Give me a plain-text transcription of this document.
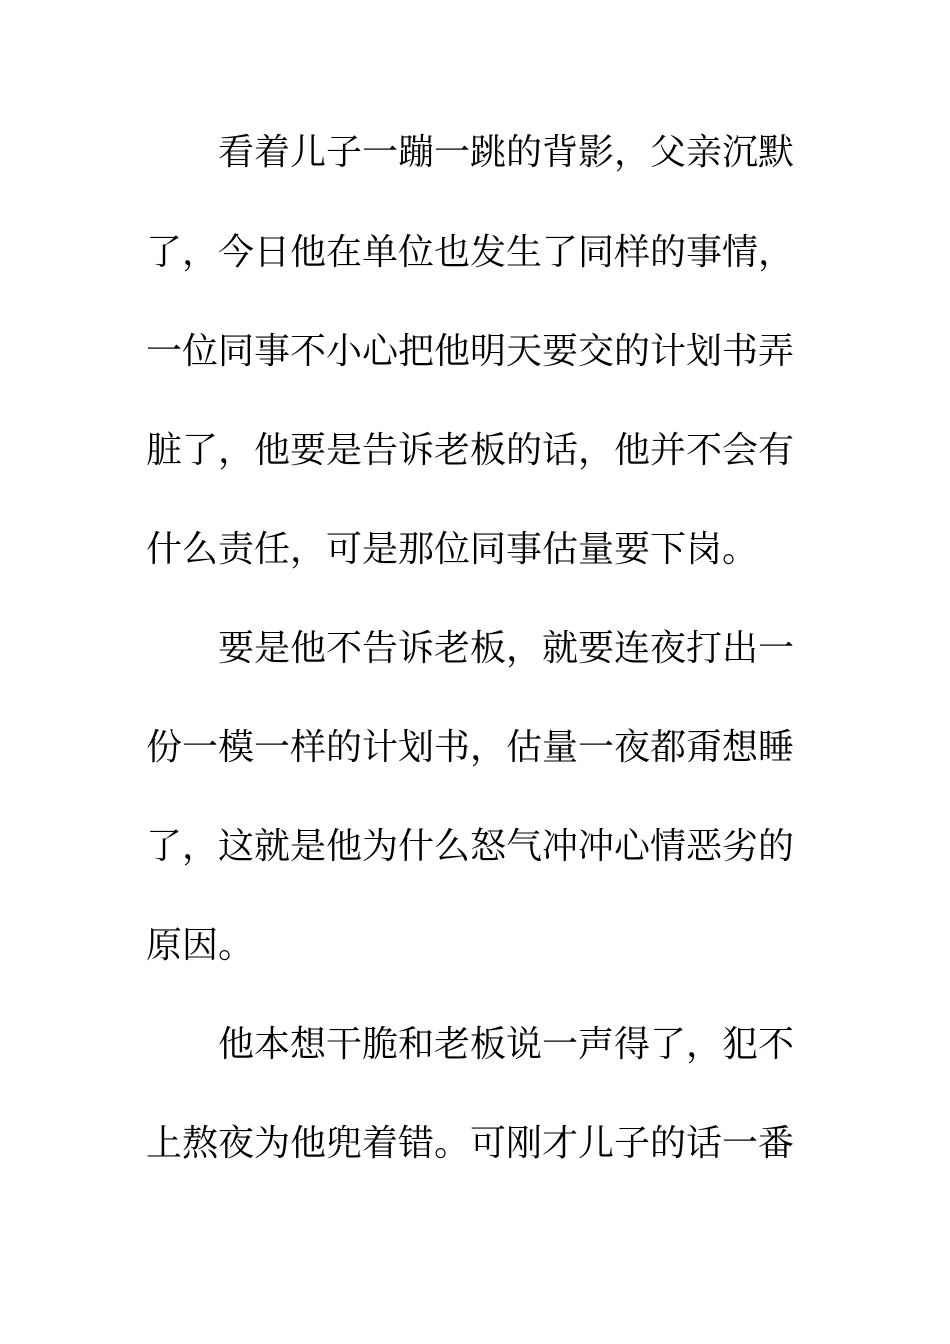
看着儿子一蹦一跳的背影，父亲沉默
了，今日他在单位也发生了同样的事情，
一位同事不小心把他明天要交的计划书弄
脏了，他要是告诉老板的话，他并不会有
什么责任，可是那位同事估量要下岗。
要是他不告诉老板，就要连夜打出一
份一模一样的计划书，估量一夜都甭想睡
了，这就是他为什么怒气冲冲心情恶劣的
原因。
他本想干脆和老板说一声得了，犯不
上熬夜为他兜着错。可刚才儿子的话一番
